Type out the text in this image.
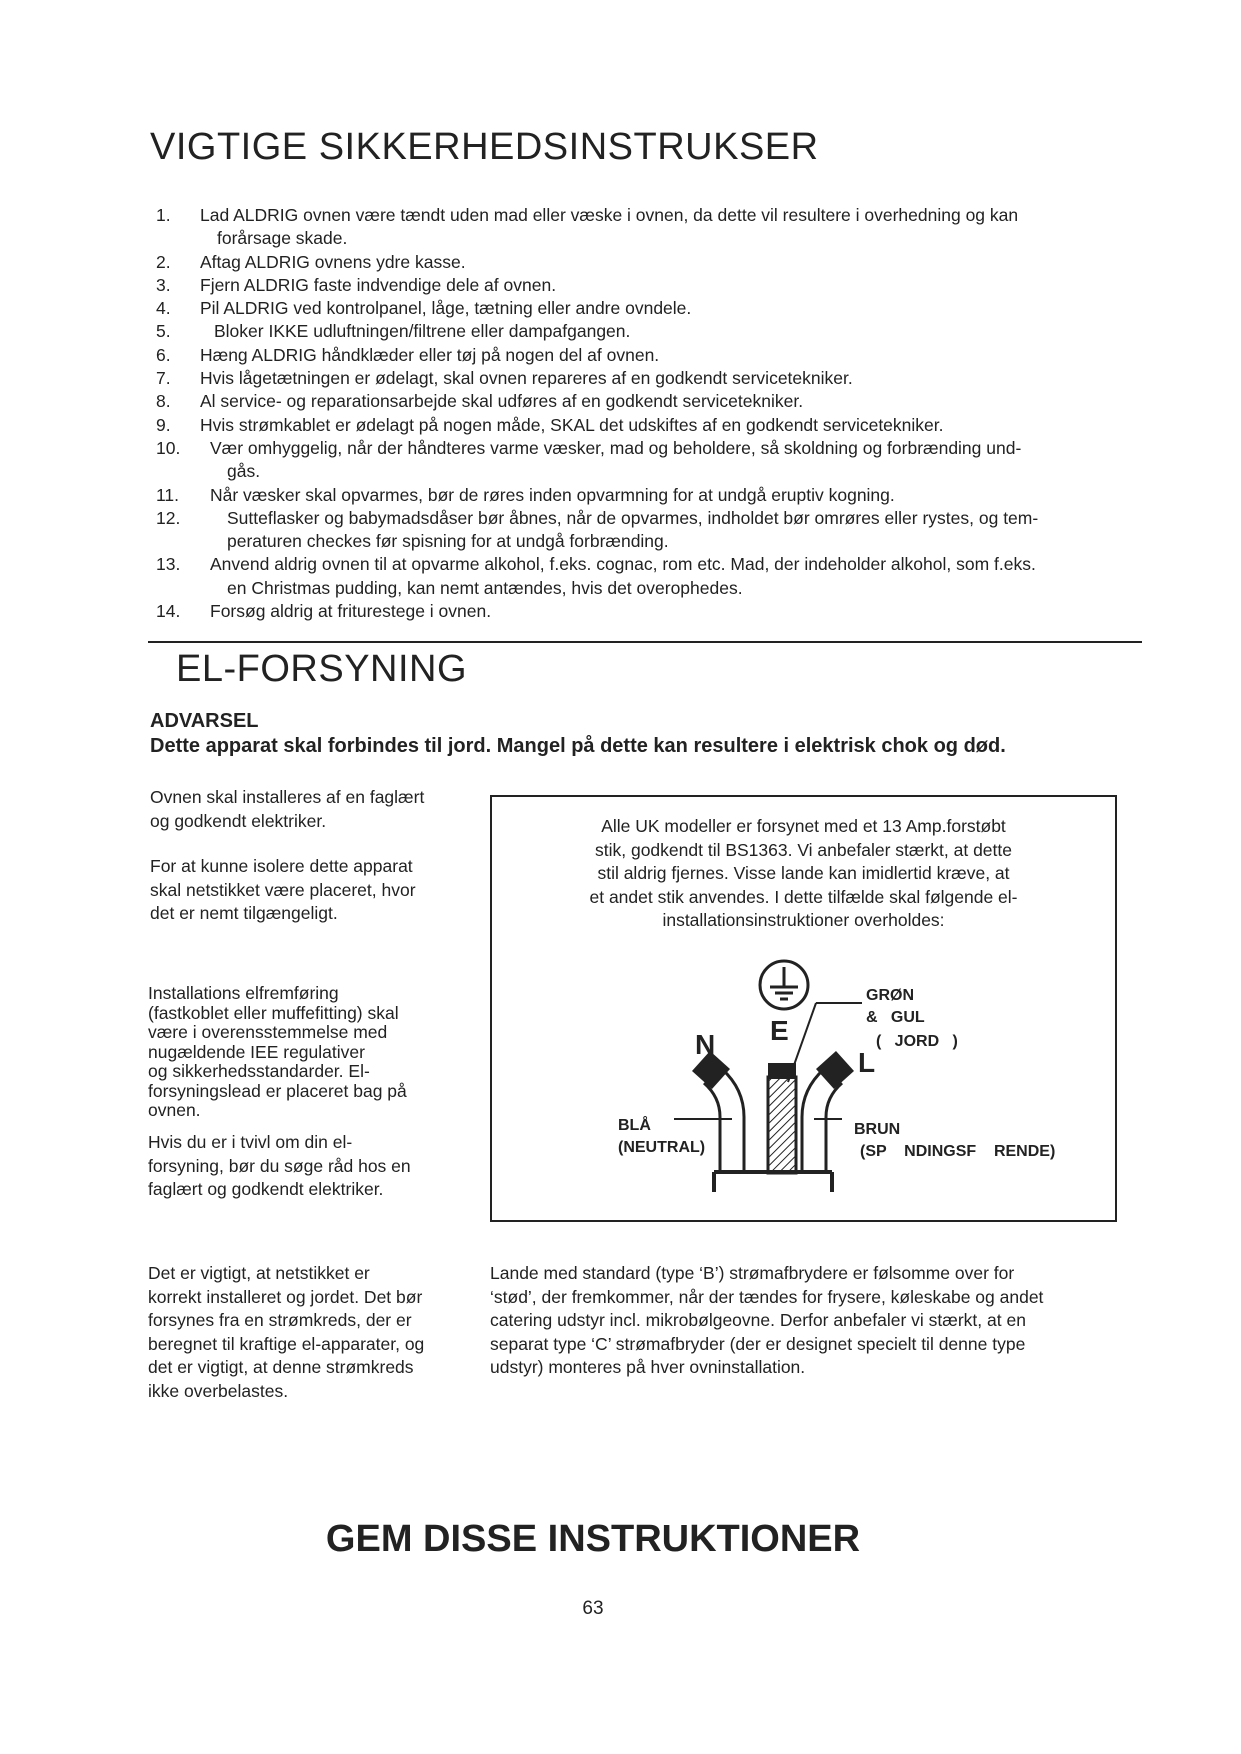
VIGTIGE SIKKERHEDSINSTRUKSER
1. Lad ALDRIG ovnen være tændt uden mad eller væske i ovnen, da dette vil resultere i overhedning og kan
forårsage skade.
2. Aftag ALDRIG ovnens ydre kasse.
3. Fjern ALDRIG faste indvendige dele af ovnen.
4. Pil ALDRIG ved kontrolpanel, låge, tætning eller andre ovndele.
5. Bloker IKKE udluftningen/filtrene eller dampafgangen.
6. Hæng ALDRIG håndklæder eller tøj på nogen del af ovnen.
7. Hvis lågetætningen er ødelagt, skal ovnen repareres af en godkendt servicetekniker.
8. Al service- og reparationsarbejde skal udføres af en godkendt servicetekniker.
9. Hvis strømkablet er ødelagt på nogen måde, SKAL det udskiftes af en godkendt servicetekniker.
10. Vær omhyggelig, når der håndteres varme væsker, mad og beholdere, så skoldning og forbrænding und-
gås.
11. Når væsker skal opvarmes, bør de røres inden opvarmning for at undgå eruptiv kogning.
12.	Sutteflasker og babymadsdåser bør åbnes, når de opvarmes, indholdet bør omrøres eller rystes, og tem-
peraturen checkes før spisning for at undgå forbrænding.
13. Anvend aldrig ovnen til at opvarme alkohol, f.eks. cognac, rom etc. Mad, der indeholder alkohol, som f.eks.
en Christmas pudding, kan nemt antændes, hvis det overophedes.
14. Forsøg aldrig at friturestege i ovnen.
EL-FORSYNING
ADVARSEL
Dette apparat skal forbindes til jord. Mangel på dette kan resultere i elektrisk chok og død.

Ovnen skal installeres af en faglært
og godkendt elektriker.

For at kunne isolere dette apparat
skal netstikket være placeret, hvor
det er nemt tilgængeligt.

Installations elfremføring
(fastkoblet eller muffefitting) skal
være i overensstemmelse med
nugældende IEE regulativer
og sikkerhedsstandarder. El-
forsyningslead er placeret bag på
ovnen.

Hvis du er i tvivl om din el-
forsyning, bør du søge råd hos en
faglært og godkendt elektriker.

Alle UK modeller er forsynet med et 13 Amp.forstøbt
stik, godkendt til BS1363. Vi anbefaler stærkt, at dette
stil aldrig fjernes. Visse lande kan imidlertid kræve, at
et andet stik anvendes. I dette tilfælde skal følgende el-
installationsinstruktioner overholdes:

E
N
L
GRØN
&   GUL
(   JORD   )
BLÅ
(NEUTRAL)
BRUN
(SP    NDINGSF    RENDE)

Det er vigtigt, at netstikket er
korrekt installeret og jordet. Det bør
forsynes fra en strømkreds, der er
beregnet til kraftige el-apparater, og
det er vigtigt, at denne strømkreds
ikke overbelastes.

Lande med standard (type ‘B’) strømafbrydere er følsomme over for
‘stød’, der fremkommer, når der tændes for frysere, køleskabe og andet
catering udstyr incl. mikrobølgeovne. Derfor anbefaler vi stærkt, at en
separat type ‘C’ strømafbryder (der er designet specielt til denne type
udstyr) monteres på hver ovninstallation.

GEM DISSE INSTRUKTIONER
63
